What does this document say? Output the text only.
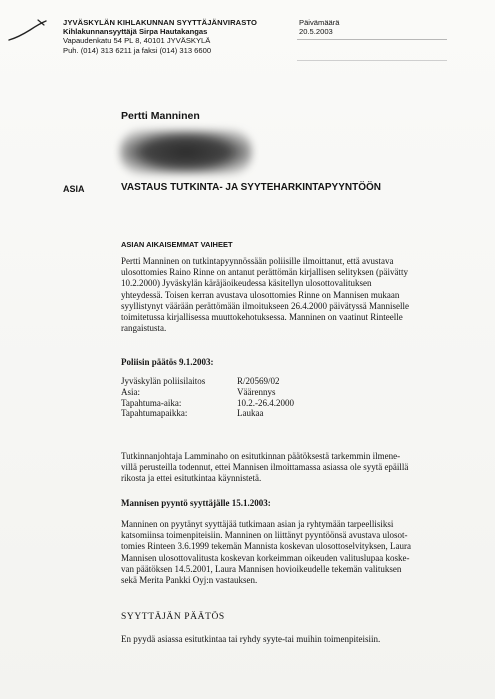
JYVÄSKYLÄN KIHLAKUNNAN SYYTTÄJÄNVIRASTO
Kihlakunnansyyttäjä Sirpa Hautakangas
Vapaudenkatu 54 PL 8, 40101 JYVÄSKYLÄ
Puh. (014) 313 6211 ja faksi (014) 313 6600
Päivämäärä
20.5.2003
Pertti Manninen
ASIA	VASTAUS TUTKINTA- JA SYYTEHARKINTAPYYNTÖÖN
ASIAN AIKAISEMMAT VAIHEET
Pertti Manninen on tutkintapyynnössään poliisille ilmoittanut, että avustava
ulosottomies Raino Rinne on antanut perättömän kirjallisen selityksen (päivätty
10.2.2000) Jyväskylän käräjäoikeudessa käsitellyn ulosottovalituksen
yhteydessä. Toisen kerran avustava ulosottomies Rinne on Mannisen mukaan
syyllistynyt väärään perättömään ilmoitukseen 26.4.2000 päivätyssä Manniselle
toimitetussa kirjallisessa muuttokehotuksessa. Manninen on vaatinut Rinteelle
rangaistusta.
Poliisin päätös 9.1.2003:
Jyväskylän poliisilaitos	R/20569/02
Asia:	Väärennys
Tapahtuma-aika:	10.2.-26.4.2000
Tapahtumapaikka:	Laukaa
Tutkinnanjohtaja Lamminaho on esitutkinnan päätöksestä tarkemmin ilmene-
villä perusteilla todennut, ettei Mannisen ilmoittamassa asiassa ole syytä epäillä
rikosta ja ettei esitutkintaa käynnistetä.
Mannisen pyyntö syyttäjälle 15.1.2003:
Manninen on pyytänyt syyttäjää tutkimaan asian ja ryhtymään tarpeellisiksi
katsomiinsa toimenpiteisiin. Manninen on liittänyt pyyntöönsä avustava ulosot-
tomies Rinteen 3.6.1999 tekemän Mannista koskevan ulosottoselvityksen, Laura
Mannisen ulosottovalitusta koskevan korkeimman oikeuden valituslupaa koske-
van päätöksen 14.5.2001, Laura Mannisen hovioikeudelle tekemän valituksen
sekä Merita Pankki Oyj:n vastauksen.
SYYTTÄJÄN PÄÄTÖS
En pyydä asiassa esitutkintaa tai ryhdy syyte-tai muihin toimenpiteisiin.
